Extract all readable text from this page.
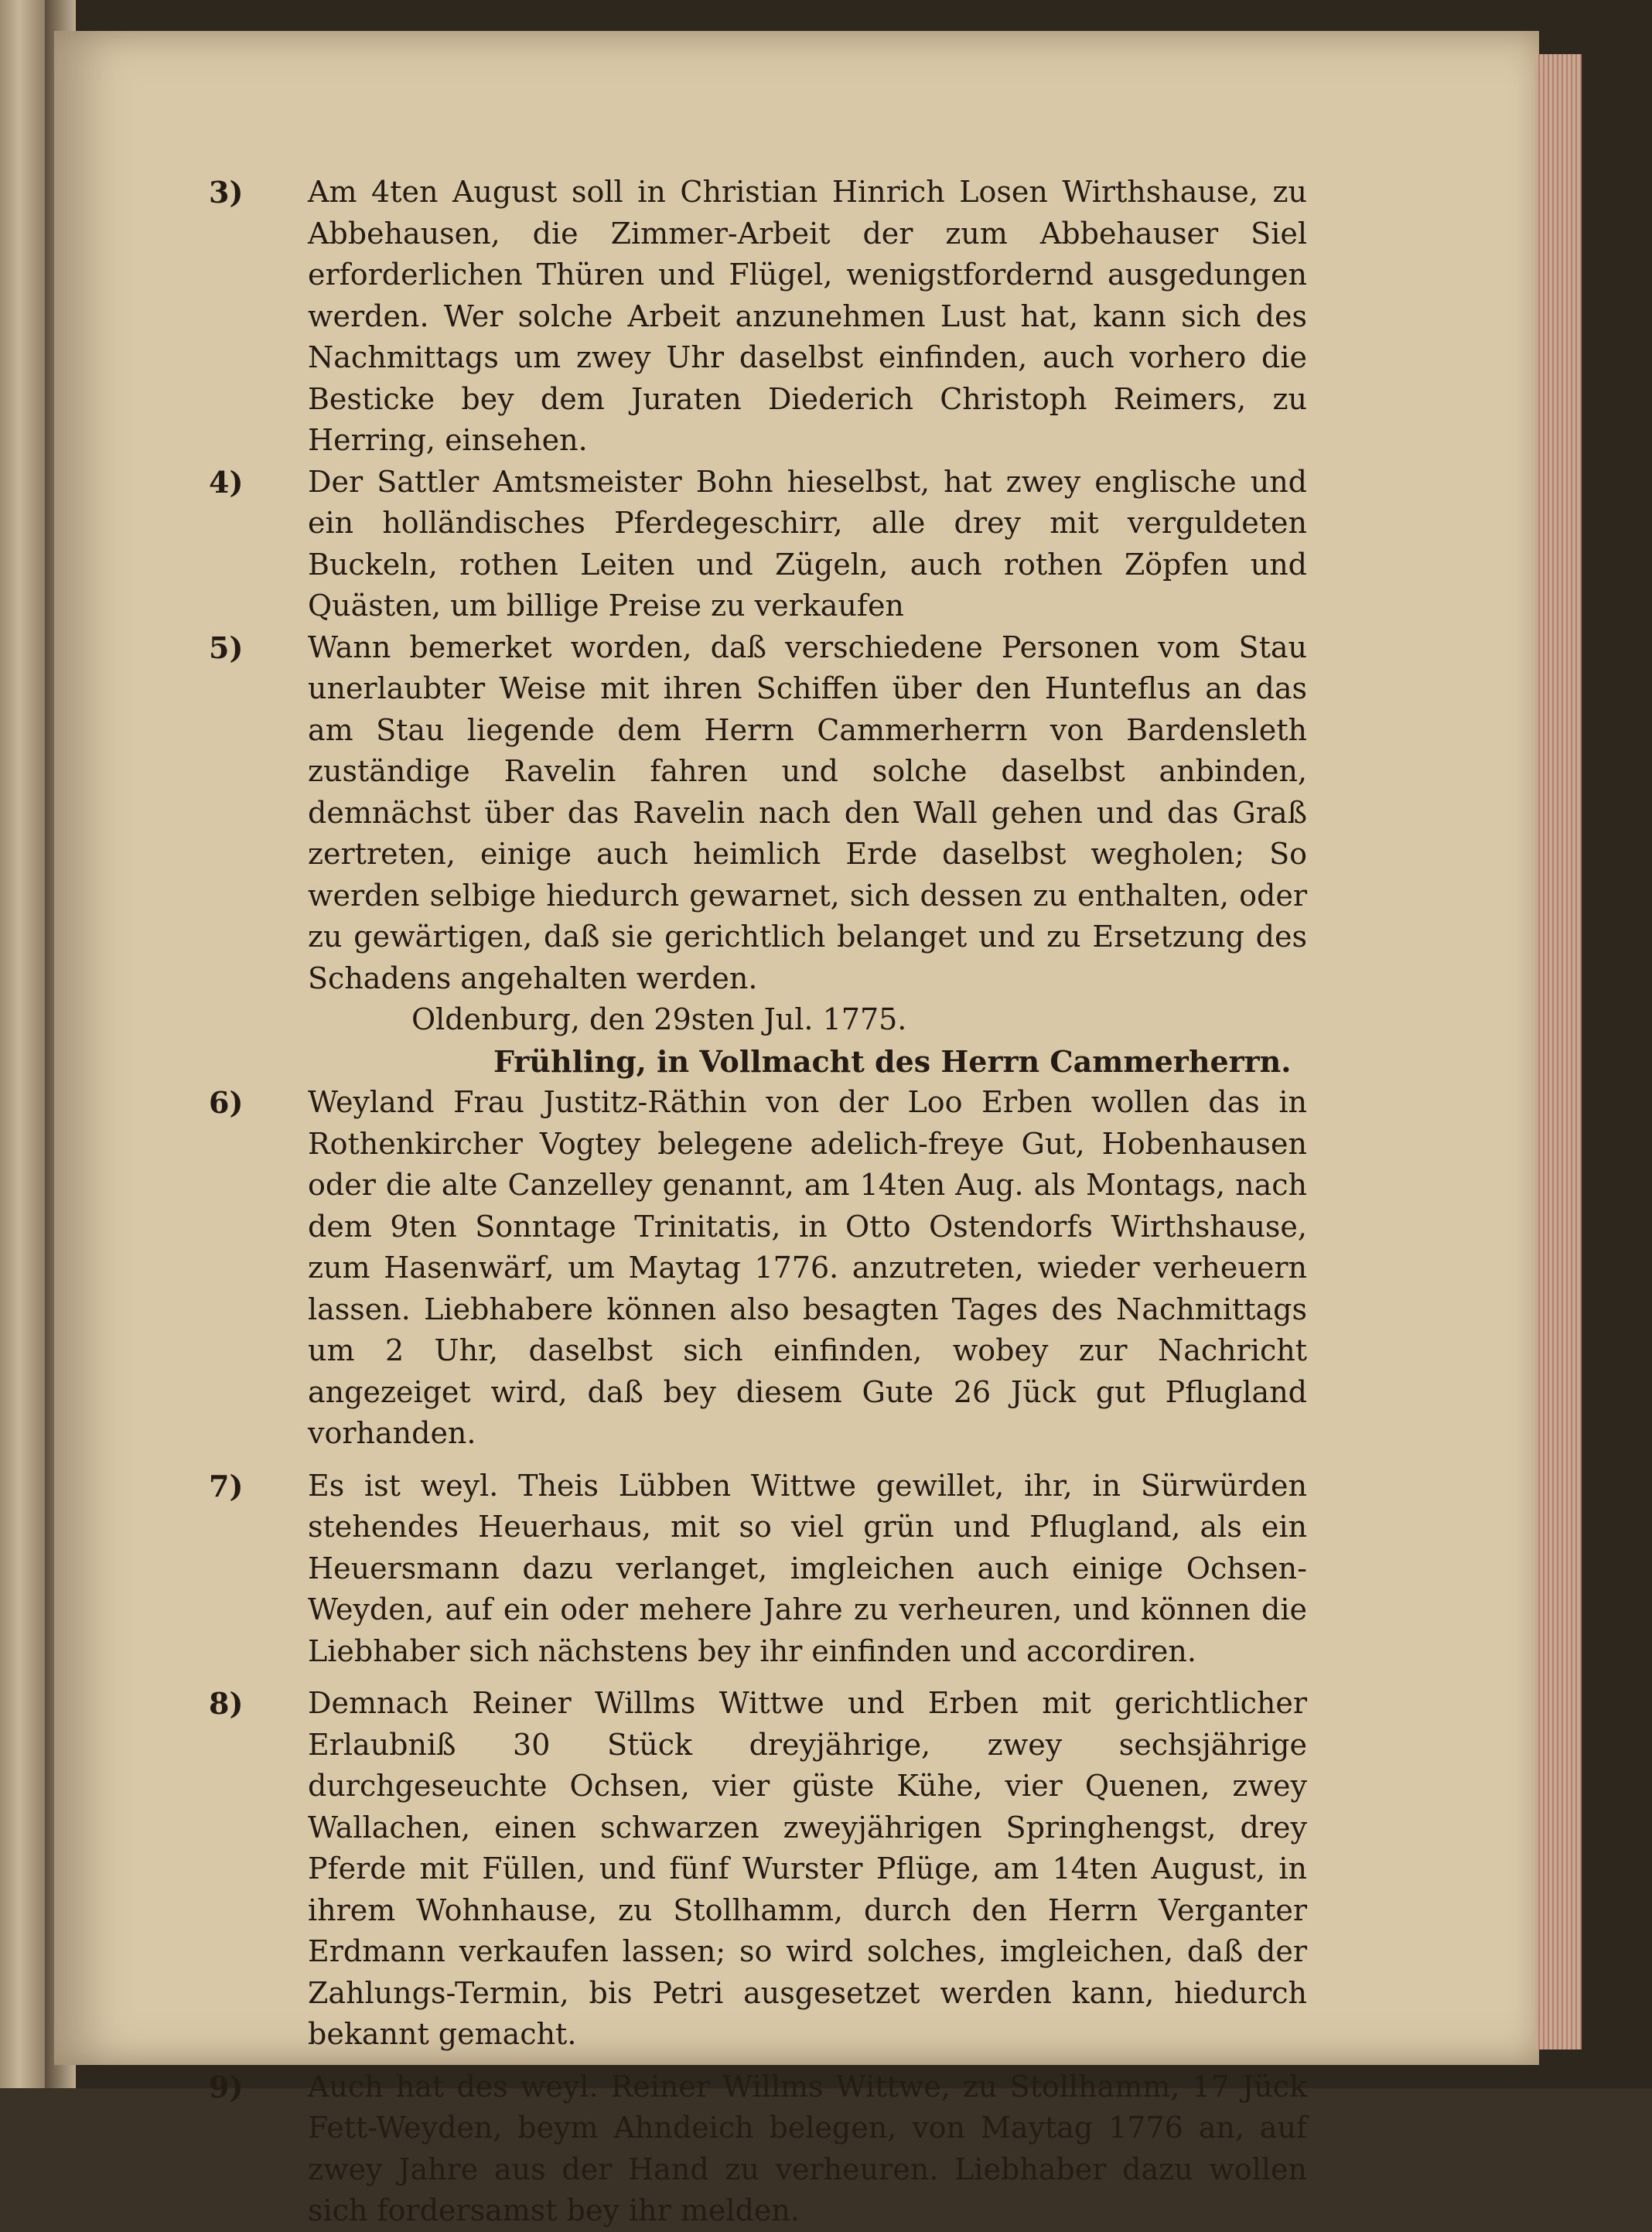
3)	Am 4ten August soll in Christian Hinrich Losen Wirthshause, zu Abbehausen, die Zimmer-Arbeit der zum Abbehauser Siel erforderlichen Thüren und Flügel, wenigstfordernd ausgedungen werden. Wer solche Arbeit anzunehmen Lust hat, kann sich des Nachmittags um zwey Uhr daselbst einfinden, auch vorhero die Besticke bey dem Juraten Diederich Christoph Reimers, zu Herring, einsehen.
4)	Der Sattler Amtsmeister Bohn hieselbst, hat zwey englische und ein holländisches Pferdegeschirr, alle drey mit verguldeten Buckeln, rothen Leiten und Zügeln, auch rothen Zöpfen und Quästen, um billige Preise zu verkaufen
5)	Wann bemerket worden, daß verschiedene Personen vom Stau unerlaubter Weise mit ihren Schiffen über den Hunteflus an das am Stau liegende dem Herrn Cammerherrn von Bardensleth zuständige Ravelin fahren und solche daselbst anbinden, demnächst über das Ravelin nach den Wall gehen und das Graß zertreten, einige auch heimlich Erde daselbst wegholen; So werden selbige hiedurch gewarnet, sich dessen zu enthalten, oder zu gewärtigen, daß sie gerichtlich belanget und zu Ersetzung des Schadens angehalten werden.
Oldenburg, den 29sten Jul. 1775.
Frühling, in Vollmacht des Herrn Cammerherrn.
6)	Weyland Frau Justitz-Räthin von der Loo Erben wollen das in Rothenkircher Vogtey belegene adelich-freye Gut, Hobenhausen oder die alte Canzelley genannt, am 14ten Aug. als Montags, nach dem 9ten Sonntage Trinitatis, in Otto Ostendorfs Wirthshause, zum Hasenwärf, um Maytag 1776. anzutreten, wieder verheuern lassen. Liebhabere können also besagten Tages des Nachmittags um 2 Uhr, daselbst sich einfinden, wobey zur Nachricht angezeiget wird, daß bey diesem Gute 26 Jück gut Pflugland vorhanden.
7)	Es ist weyl. Theis Lübben Wittwe gewillet, ihr, in Sürwürden stehendes Heuerhaus, mit so viel grün und Pflugland, als ein Heuersmann dazu verlanget, imgleichen auch einige Ochsen-Weyden, auf ein oder mehere Jahre zu verheuren, und können die Liebhaber sich nächstens bey ihr einfinden und accordiren.
8)	Demnach Reiner Willms Wittwe und Erben mit gerichtlicher Erlaubniß 30 Stück dreyjährige, zwey sechsjährige durchgeseuchte Ochsen, vier güste Kühe, vier Quenen, zwey Wallachen, einen schwarzen zweyjährigen Springhengst, drey Pferde mit Füllen, und fünf Wurster Pflüge, am 14ten August, in ihrem Wohnhause, zu Stollhamm, durch den Herrn Verganter Erdmann verkaufen lassen; so wird solches, imgleichen, daß der Zahlungs-Termin, bis Petri ausgesetzet werden kann, hiedurch bekannt gemacht.
9)	Auch hat des weyl. Reiner Willms Wittwe, zu Stollhamm, 17 Jück Fett-Weyden, beym Ahndeich belegen, von Maytag 1776 an, auf zwey Jahre aus der Hand zu verheuren. Liebhaber dazu wollen sich fordersamst bey ihr melden.
